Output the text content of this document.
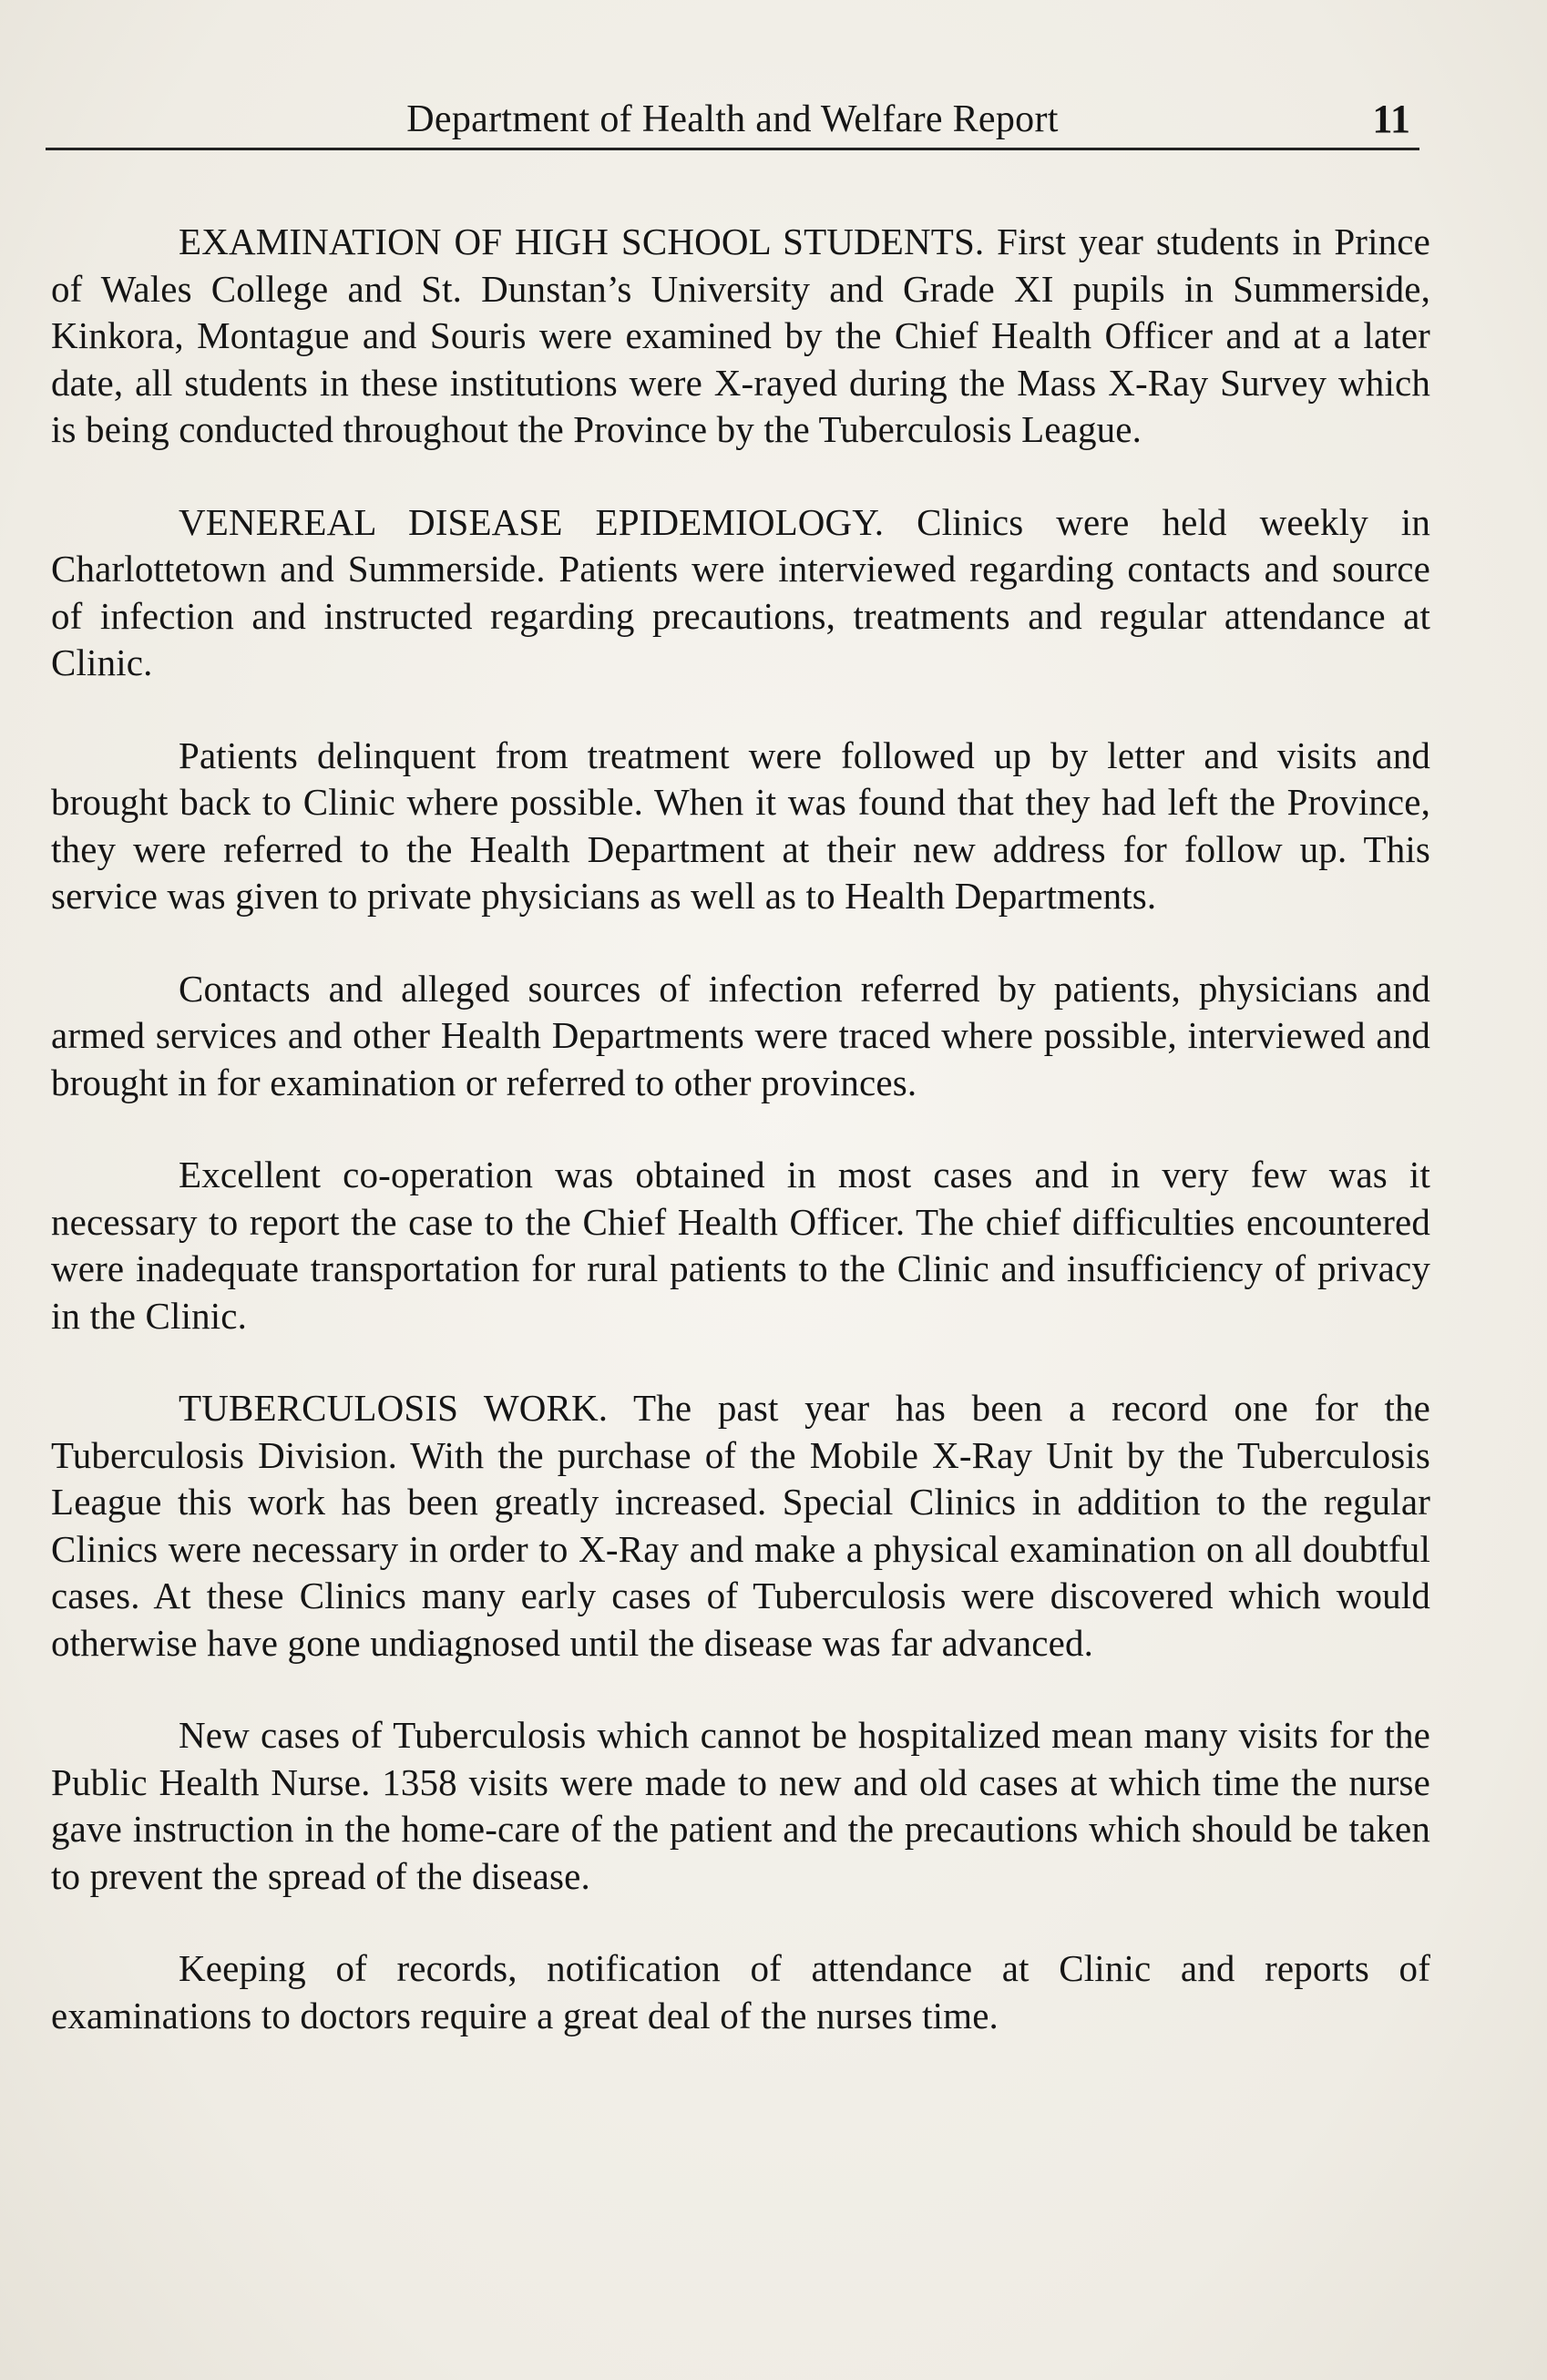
Department of Health and Welfare Report	11

EXAMINATION OF HIGH SCHOOL STUDENTS. First year students in Prince of Wales College and St. Dunstan’s University and Grade XI pupils in Summerside, Kinkora, Montague and Souris were examined by the Chief Health Officer and at a later date, all students in these institutions were X-rayed during the Mass X-Ray Survey which is being conducted throughout the Province by the Tuberculosis League.

VENEREAL DISEASE EPIDEMIOLOGY. Clinics were held weekly in Charlottetown and Summerside. Patients were interviewed regarding contacts and source of infection and instructed regarding precautions, treatments and regular attendance at Clinic.

Patients delinquent from treatment were followed up by letter and visits and brought back to Clinic where possible. When it was found that they had left the Province, they were referred to the Health Department at their new address for follow up. This service was given to private physicians as well as to Health Departments.

Contacts and alleged sources of infection referred by patients, physicians and armed services and other Health Departments were traced where possible, interviewed and brought in for examination or referred to other provinces.

Excellent co-operation was obtained in most cases and in very few was it necessary to report the case to the Chief Health Officer. The chief difficulties encountered were inadequate transportation for rural patients to the Clinic and insufficiency of privacy in the Clinic.

TUBERCULOSIS WORK. The past year has been a record one for the Tuberculosis Division. With the purchase of the Mobile X-Ray Unit by the Tuberculosis League this work has been greatly increased. Special Clinics in addition to the regular Clinics were necessary in order to X-Ray and make a physical examination on all doubtful cases. At these Clinics many early cases of Tuberculosis were discovered which would otherwise have gone undiagnosed until the disease was far advanced.

New cases of Tuberculosis which cannot be hospitalized mean many visits for the Public Health Nurse. 1358 visits were made to new and old cases at which time the nurse gave instruction in the home-care of the patient and the precautions which should be taken to prevent the spread of the disease.

Keeping of records, notification of attendance at Clinic and reports of examinations to doctors require a great deal of the nurses time.
